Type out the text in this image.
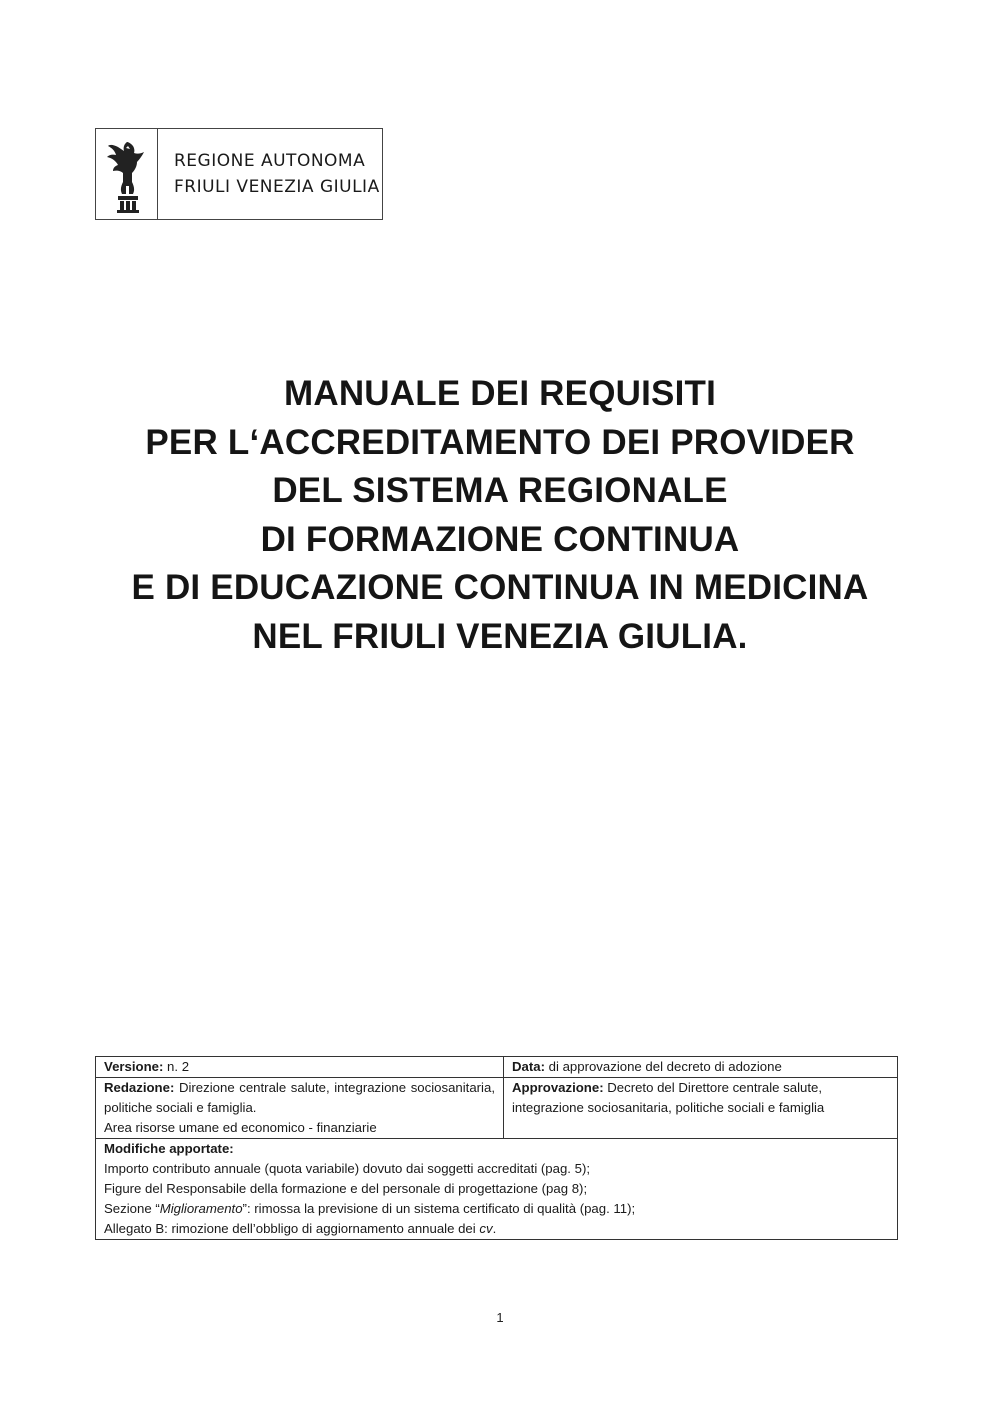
REGIONE AUTONOMA
FRIULI VENEZIA GIULIA
MANUALE DEI REQUISITI
PER L‘ACCREDITAMENTO DEI PROVIDER
DEL SISTEMA REGIONALE
DI FORMAZIONE CONTINUA
E DI EDUCAZIONE CONTINUA IN MEDICINA
NEL FRIULI VENEZIA GIULIA.
Versione: n. 2	Data: di approvazione del decreto di adozione

Redazione: Direzione centrale salute, integrazione sociosanitaria, politiche sociali e famiglia.
Area risorse umane ed economico - finanziarie	Approvazione: Decreto del Direttore centrale salute, integrazione sociosanitaria, politiche sociali e famiglia

Modifiche apportate:
Importo contributo annuale (quota variabile) dovuto dai soggetti accreditati (pag. 5);
Figure del Responsabile della formazione e del personale di progettazione (pag 8);
Sezione “Miglioramento”: rimossa la previsione di un sistema certificato di qualità (pag. 11);
Allegato B: rimozione dell’obbligo di aggiornamento annuale dei cv.	
1
